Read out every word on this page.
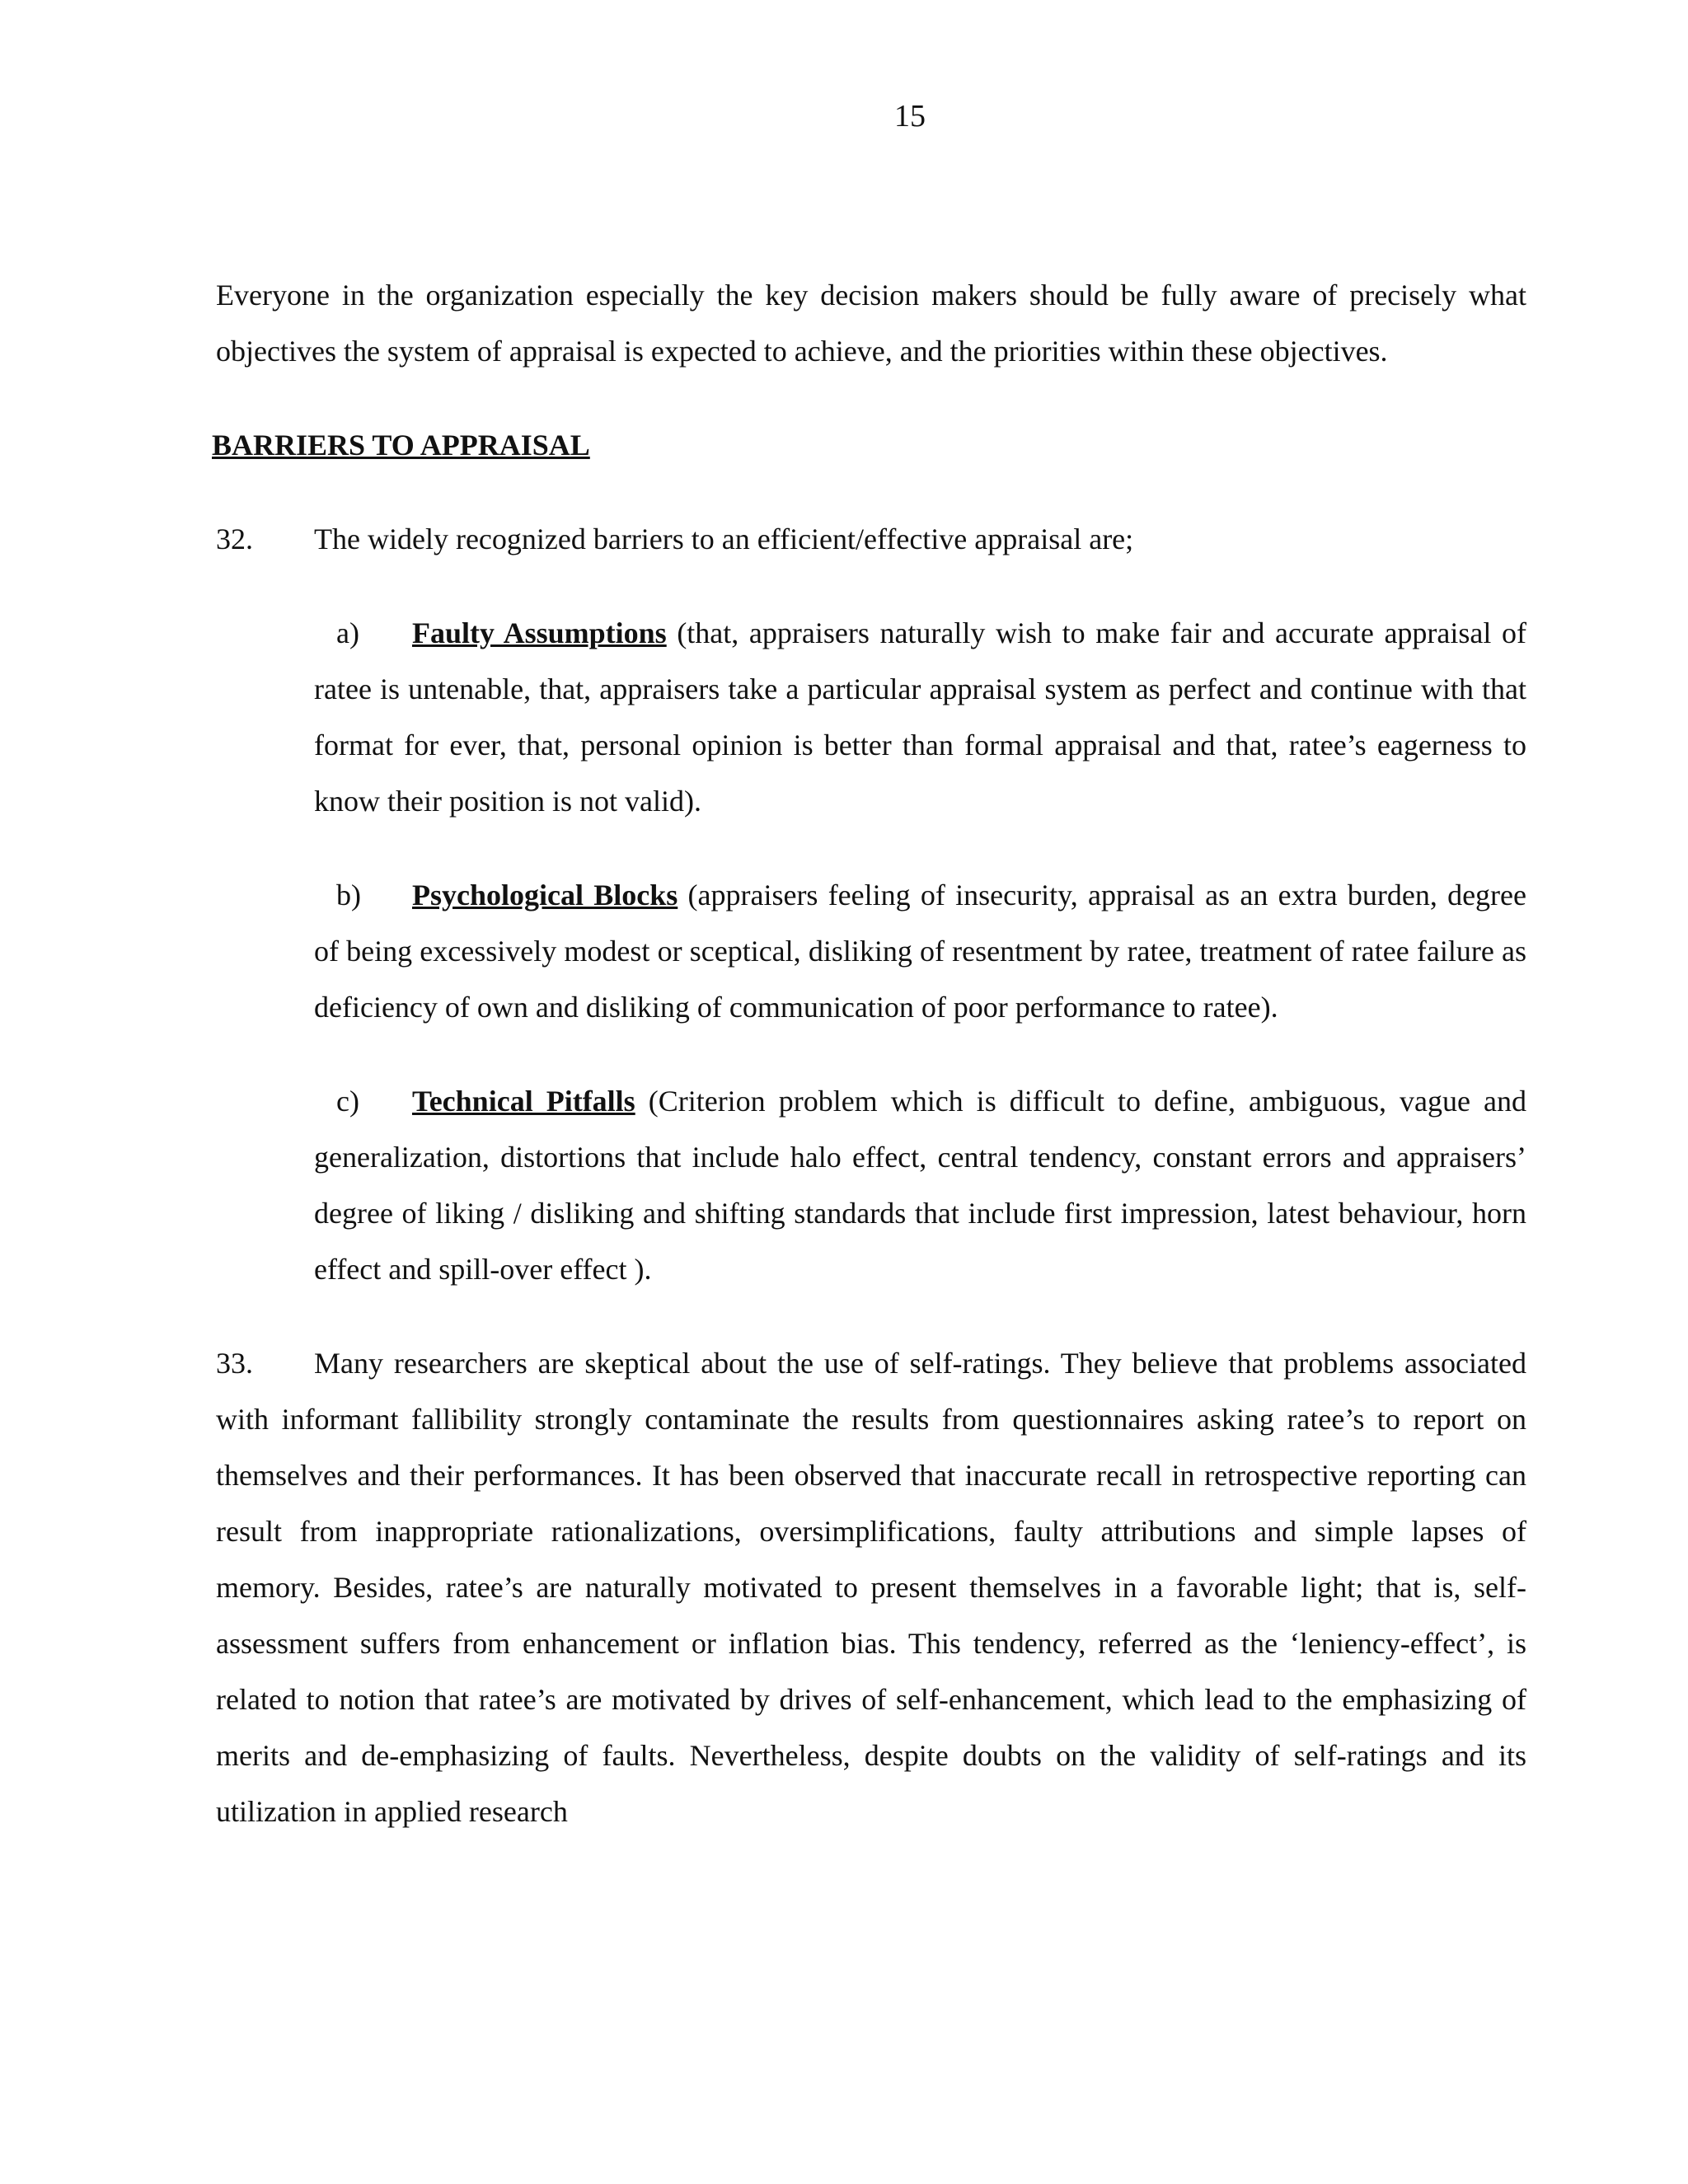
15

Everyone in the organization especially the key decision makers should be fully aware of precisely what objectives the system of appraisal is expected to achieve, and the priorities within these objectives.

BARRIERS TO APPRAISAL

32. The widely recognized barriers to an efficient/effective appraisal are;

a) Faulty Assumptions (that, appraisers naturally wish to make fair and accurate appraisal of ratee is untenable, that, appraisers take a particular appraisal system as perfect and continue with that format for ever, that, personal opinion is better than formal appraisal and that, ratee’s eagerness to know their position is not valid).

b) Psychological Blocks (appraisers feeling of insecurity, appraisal as an extra burden, degree of being excessively modest or sceptical, disliking of resentment by ratee, treatment of ratee failure as deficiency of own and disliking of communication of poor performance to ratee).

c) Technical Pitfalls (Criterion problem which is difficult to define, ambiguous, vague and generalization, distortions that include halo effect, central tendency, constant errors and appraisers’ degree of liking / disliking and shifting standards that include first impression, latest behaviour, horn effect and spill-over effect ).

33. Many researchers are skeptical about the use of self-ratings. They believe that problems associated with informant fallibility strongly contaminate the results from questionnaires asking ratee’s to report on themselves and their performances. It has been observed that inaccurate recall in retrospective reporting can result from inappropriate rationalizations, oversimplifications, faulty attributions and simple lapses of memory. Besides, ratee’s are naturally motivated to present themselves in a favorable light; that is, self-assessment suffers from enhancement or inflation bias. This tendency, referred as the ‘leniency-effect’, is related to notion that ratee’s are motivated by drives of self-enhancement, which lead to the emphasizing of merits and de-emphasizing of faults. Nevertheless, despite doubts on the validity of self-ratings and its utilization in applied research
